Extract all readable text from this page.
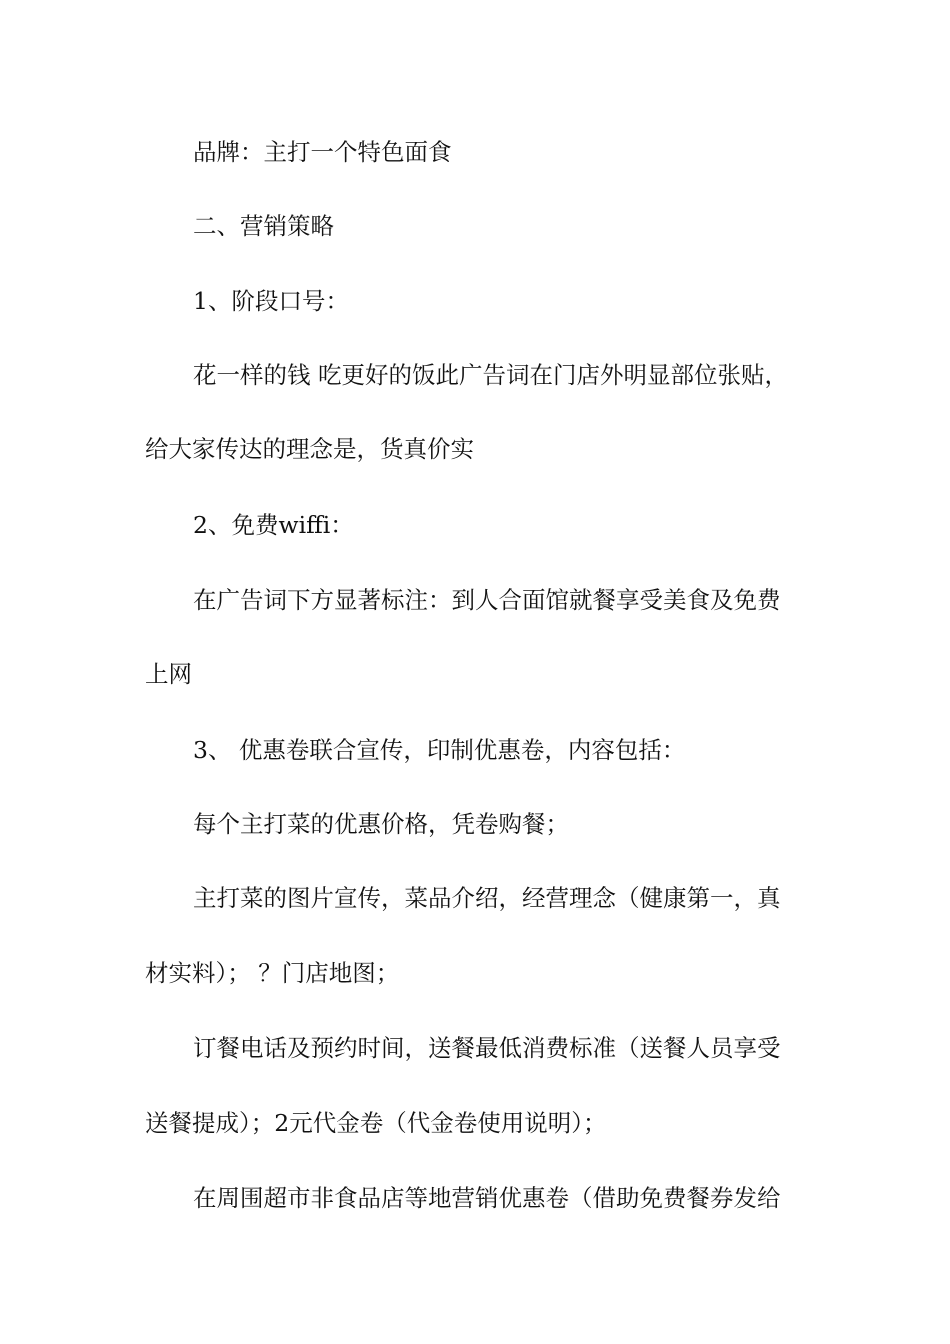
品牌：主打一个特色面食
二、营销策略
1、阶段口号：
花一样的钱 吃更好的饭此广告词在门店外明显部位张贴，
给大家传达的理念是，货真价实
2、免费wiffi：
在广告词下方显著标注：到人合面馆就餐享受美食及免费
上网
3、 优惠卷联合宣传，印制优惠卷，内容包括：
每个主打菜的优惠价格，凭卷购餐；
主打菜的图片宣传，菜品介绍，经营理念（健康第一，真
材实料）； ？门店地图；
订餐电话及预约时间，送餐最低消费标准（送餐人员享受
送餐提成）；2元代金卷（代金卷使用说明）；
在周围超市非食品店等地营销优惠卷（借助免费餐券发给
